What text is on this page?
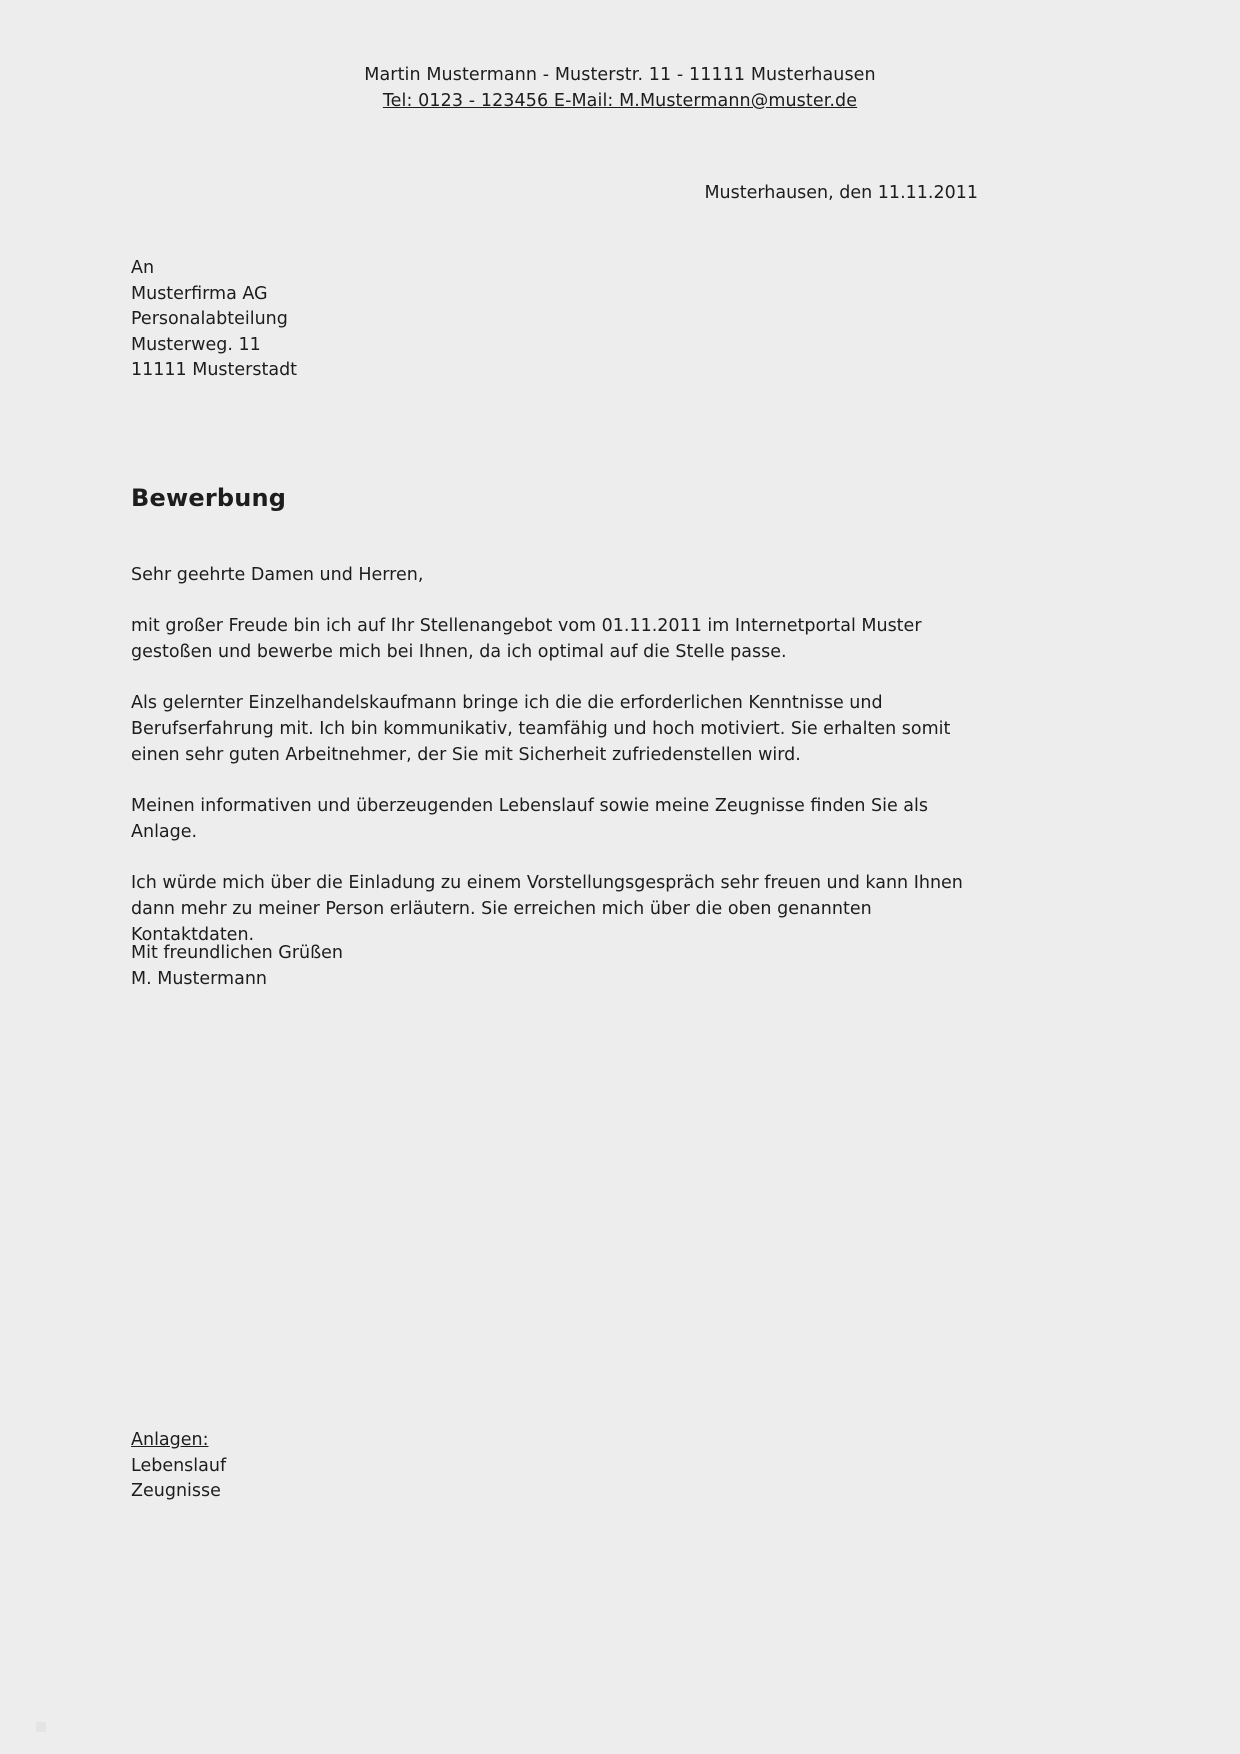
Martin Mustermann - Musterstr. 11 - 11111 Musterhausen
Tel: 0123 - 123456 E-Mail: M.Mustermann@muster.de
Musterhausen, den 11.11.2011
An
Musterfirma AG
Personalabteilung
Musterweg. 11
11111 Musterstadt
Bewerbung

Sehr geehrte Damen und Herren,

mit großer Freude bin ich auf Ihr Stellenangebot vom 01.11.2011 im Internetportal Muster gestoßen und bewerbe mich bei Ihnen, da ich optimal auf die Stelle passe.

Als gelernter Einzelhandelskaufmann bringe ich die die erforderlichen Kenntnisse und Berufserfahrung mit. Ich bin kommunikativ, teamfähig und hoch motiviert. Sie erhalten somit einen sehr guten Arbeitnehmer, der Sie mit Sicherheit zufriedenstellen wird.

Meinen informativen und überzeugenden Lebenslauf sowie meine Zeugnisse finden Sie als Anlage.

Ich würde mich über die Einladung zu einem Vorstellungsgespräch sehr freuen und kann Ihnen dann mehr zu meiner Person erläutern. Sie erreichen mich über die oben genannten Kontaktdaten.

Mit freundlichen Grüßen
M. Mustermann
Anlagen:
Lebenslauf
Zeugnisse
